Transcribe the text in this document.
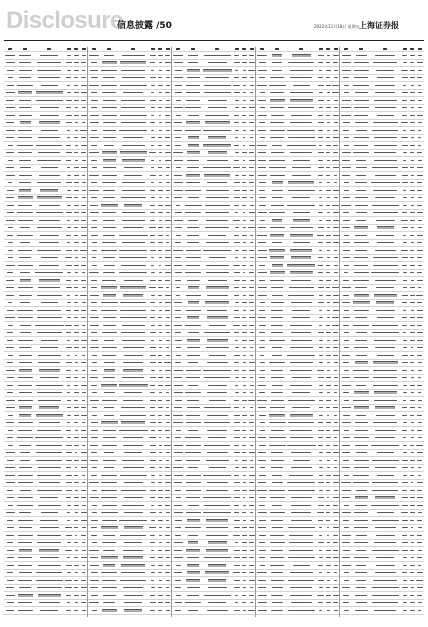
Disclosure
信息披露 /50	2022年11月18日 星期五 上海证券报
